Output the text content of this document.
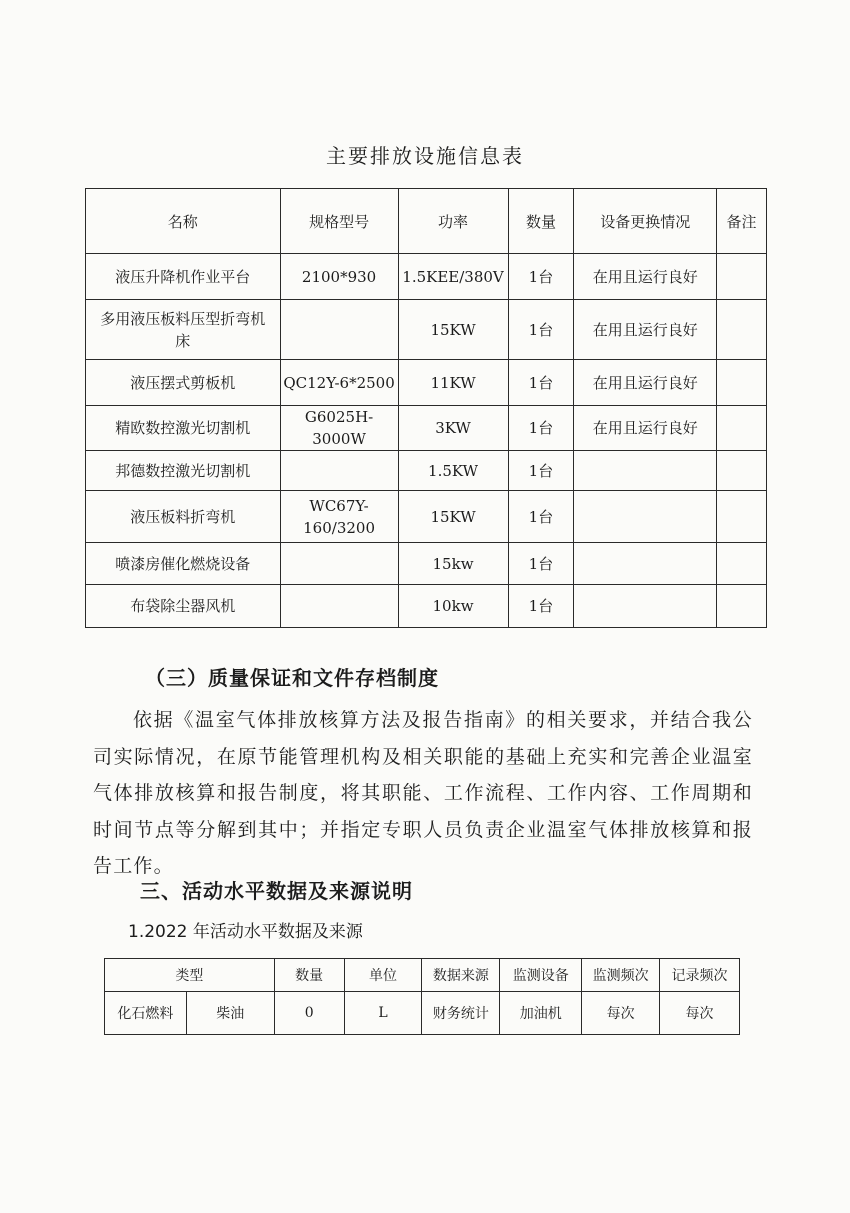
主要排放设施信息表
名称	规格型号	功率	数量	设备更换情况	备注
液压升降机作业平台	2100*930	1.5KEE/380V	1台	在用且运行良好	
多用液压板料压型折弯机床		15KW	1台	在用且运行良好	
液压摆式剪板机	QC12Y-6*2500	11KW	1台	在用且运行良好	
精欧数控激光切割机	G6025H-3000W	3KW	1台	在用且运行良好	
邦德数控激光切割机		1.5KW	1台		
液压板料折弯机	WC67Y-160/3200	15KW	1台		
喷漆房催化燃烧设备		15kw	1台		
布袋除尘器风机		10kw	1台		
（三）质量保证和文件存档制度
依据《温室气体排放核算方法及报告指南》的相关要求，并结合我公司实际情况，在原节能管理机构及相关职能的基础上充实和完善企业温室气体排放核算和报告制度，将其职能、工作流程、工作内容、工作周期和时间节点等分解到其中；并指定专职人员负责企业温室气体排放核算和报告工作。
三、活动水平数据及来源说明
1.2022 年活动水平数据及来源
类型		数量	单位	数据来源	监测设备	监测频次	记录频次
化石燃料	柴油	0	L	财务统计	加油机	每次	每次
